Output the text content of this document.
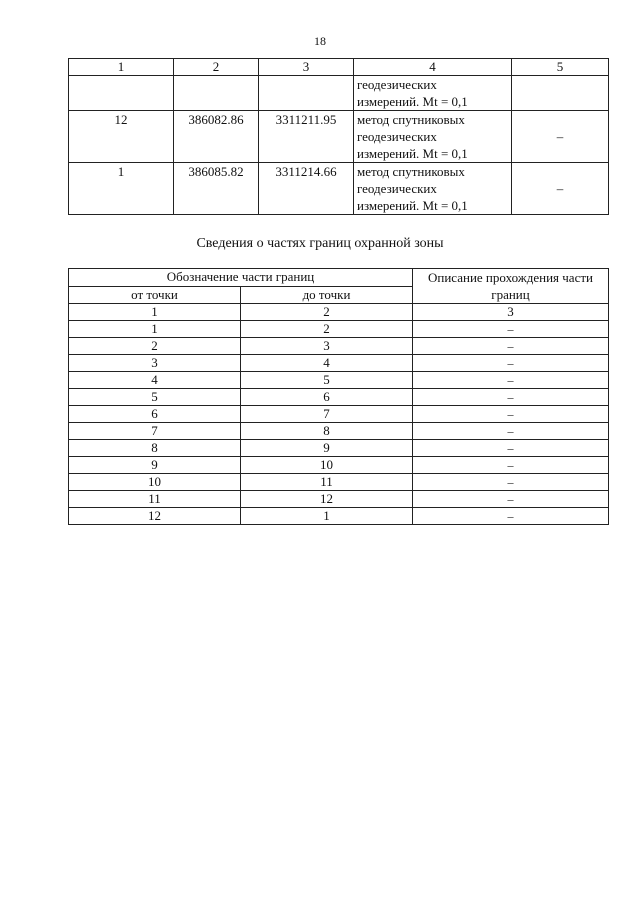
18
1	2	3	4	5
			геодезических
измерений. Mt = 0,1	
12	386082.86	3311211.95	метод спутниковых
геодезических
измерений. Mt = 0,1	–
1	386085.82	3311214.66	метод спутниковых
геодезических
измерений. Mt = 0,1	–
Сведения о частях границ охранной зоны
Обозначение части границ		Описание прохождения части границ
от точки	до точки	
1	2	3
1	2	–
2	3	–
3	4	–
4	5	–
5	6	–
6	7	–
7	8	–
8	9	–
9	10	–
10	11	–
11	12	–
12	1	–
